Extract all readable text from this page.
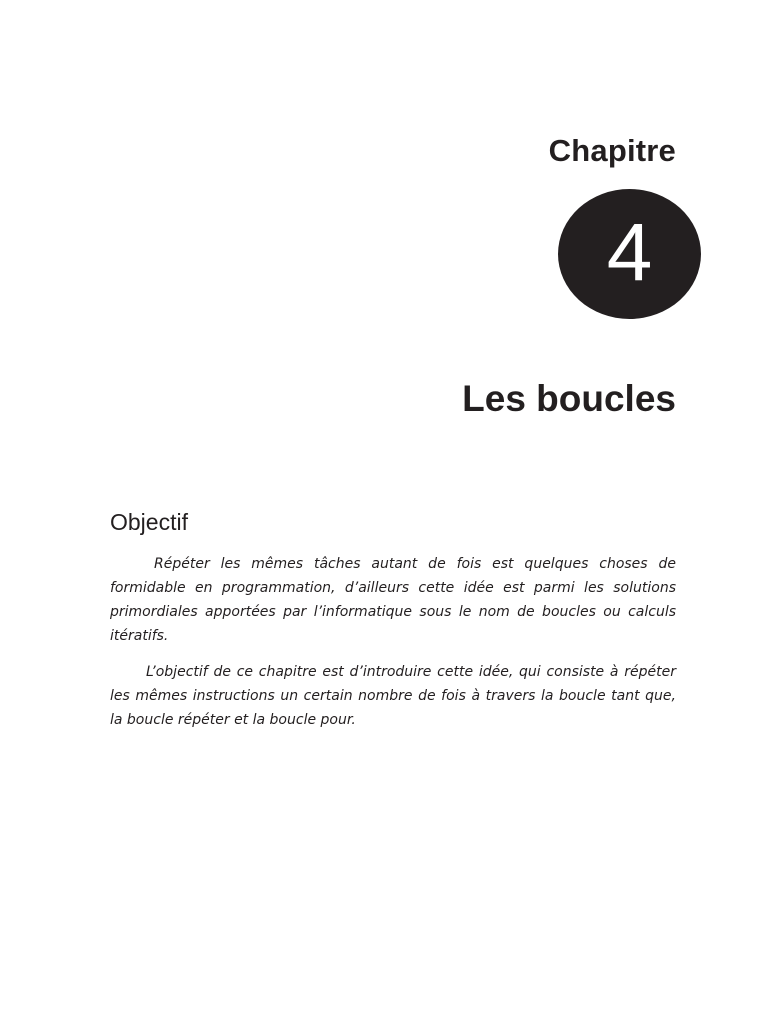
Chapitre
4
Les boucles
Objectif

Répéter les mêmes tâches autant de fois est quelques choses de formidable en programmation, d’ailleurs cette idée est parmi les solutions primordiales apportées par l’informatique sous le nom de boucles ou calculs itératifs.

L’objectif de ce chapitre est d’introduire cette idée, qui consiste à répéter les mêmes instructions un certain nombre de fois à travers la boucle tant que, la boucle répéter et la boucle pour.
